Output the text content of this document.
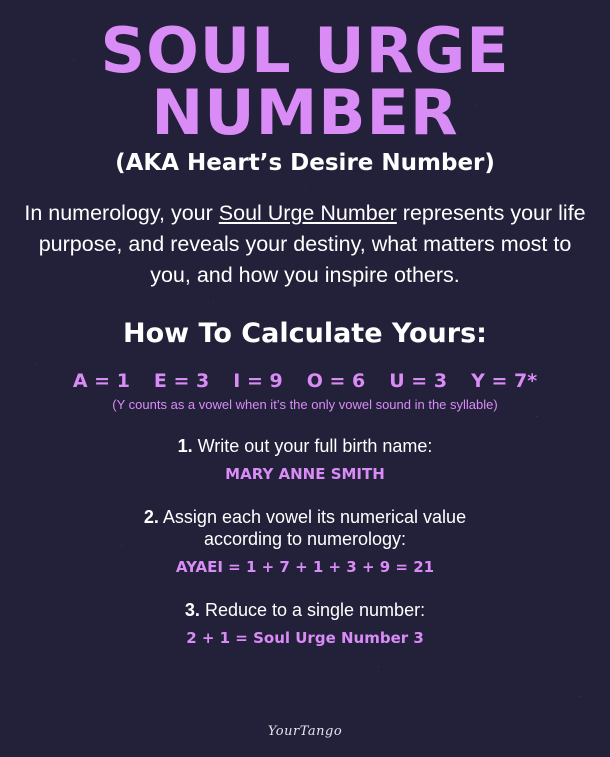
SOUL URGE
NUMBER
(AKA Heart’s Desire Number)

In numerology, your Soul Urge Number represents your life purpose, and reveals your destiny, what matters most to you, and how you inspire others.

How To Calculate Yours:
A = 1 E = 3 I = 9 O = 6 U = 3 Y = 7*
(Y counts as a vowel when it’s the only vowel sound in the syllable)
1. Write out your full birth name:
MARY ANNE SMITH
2. Assign each vowel its numerical value
according to numerology:
AYAEI = 1 + 7 + 1 + 3 + 9 = 21
3. Reduce to a single number:
2 + 1 = Soul Urge Number 3
YourTango
